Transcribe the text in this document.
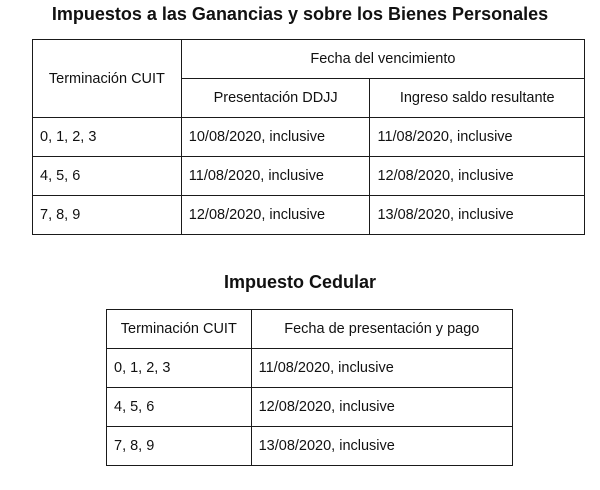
Impuestos a las Ganancias y sobre los Bienes Personales
Terminación CUIT	Fecha del vencimiento	
	Presentación DDJJ	Ingreso saldo resultante
0, 1, 2, 3	10/08/2020, inclusive	11/08/2020, inclusive
4, 5, 6	11/08/2020, inclusive	12/08/2020, inclusive
7, 8, 9	12/08/2020, inclusive	13/08/2020, inclusive
Impuesto Cedular
Terminación CUIT	Fecha de presentación y pago
0, 1, 2, 3	11/08/2020, inclusive
4, 5, 6	12/08/2020, inclusive
7, 8, 9	13/08/2020, inclusive
